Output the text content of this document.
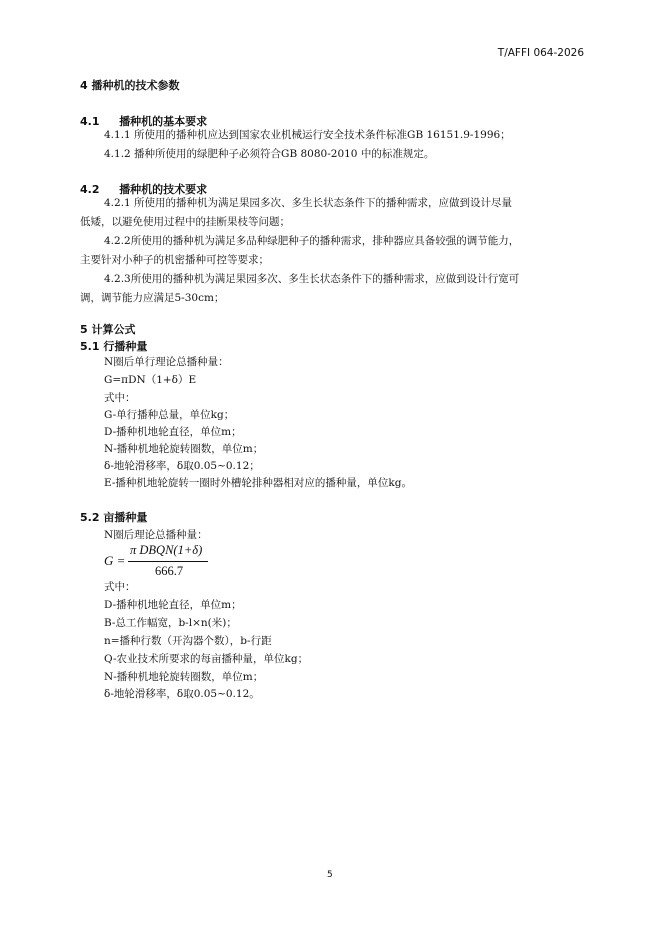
T/AFFI 064-2026
4 播种机的技术参数
4.1 播种机的基本要求
4.1.1 所使用的播种机应达到国家农业机械运行安全技术条件标准GB 16151.9-1996；
4.1.2 播种所使用的绿肥种子必须符合GB 8080-2010 中的标准规定。
4.2 播种机的技术要求
4.2.1 所使用的播种机为满足果园多次、多生长状态条件下的播种需求，应做到设计尽量
低矮，以避免使用过程中的挂断果枝等问题；
4.2.2所使用的播种机为满足多品种绿肥种子的播种需求，排种器应具备较强的调节能力，
主要针对小种子的机密播种可控等要求；
4.2.3所使用的播种机为满足果园多次、多生长状态条件下的播种需求，应做到设计行宽可
调，调节能力应满足5-30cm；
5 计算公式
5.1 行播种量
N圈后单行理论总播种量：
G=πDN（1+δ）E
式中：
G-单行播种总量，单位kg；
D-播种机地轮直径，单位m；
N-播种机地轮旋转圈数，单位m；
δ-地轮滑移率，δ取0.05~0.12；
E-播种机地轮旋转一圈时外槽轮排种器相对应的播种量，单位kg。
5.2 亩播种量
N圈后理论总播种量：
G =
π DBQN(1+δ)
666.7
式中：
D-播种机地轮直径，单位m；
B-总工作幅宽，b-l×n(米)；
n=播种行数（开沟器个数），b-行距
Q-农业技术所要求的每亩播种量，单位kg；
N-播种机地轮旋转圈数，单位m；
δ-地轮滑移率，δ取0.05~0.12。
5
